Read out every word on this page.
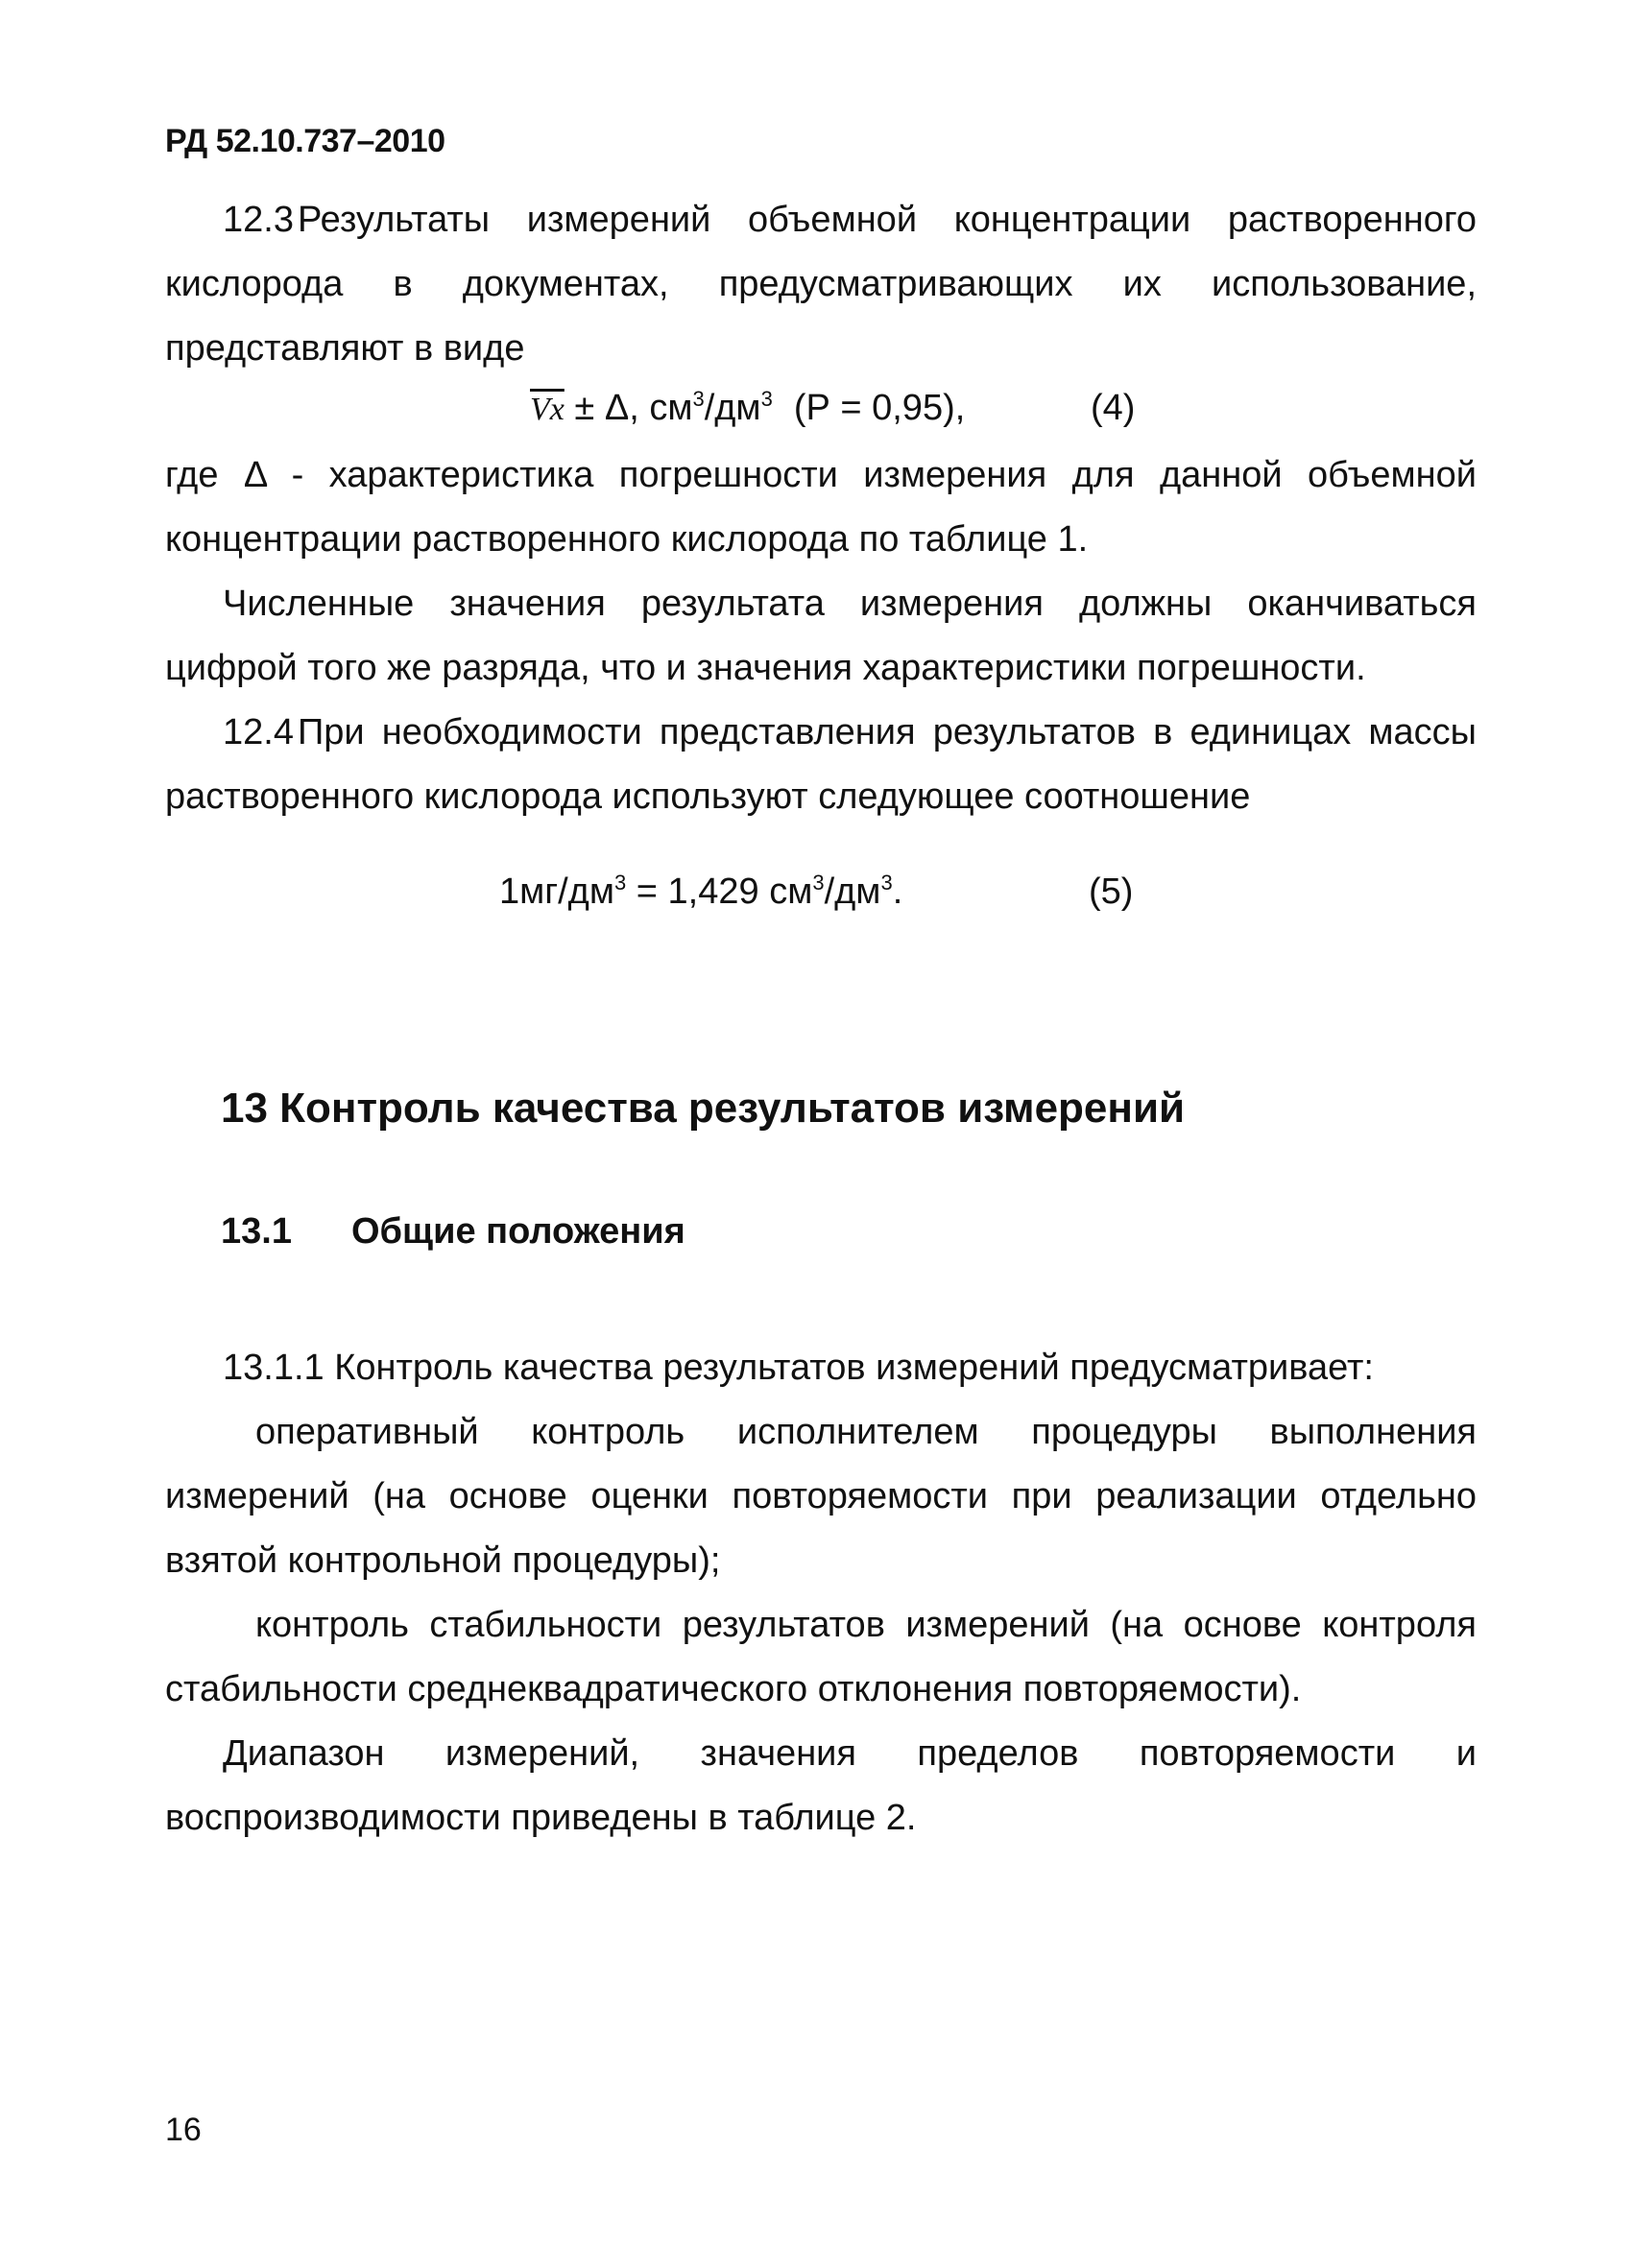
РД 52.10.737–2010
12.3 Результаты измерений объемной концентрации растворенного кислорода в документах, предусматривающих их использование, представляют в виде
$\overline{Vx} \pm \Delta$, $см^3/дм^3$ (Р = 0,95),	(4)
где Δ - характеристика погрешности измерения для данной объемной концентрации растворенного кислорода по таблице 1.
Численные значения результата измерения должны оканчиваться цифрой того же разряда, что и значения характеристики погрешности.
12.4 При необходимости представления результатов в единицах массы растворенного кислорода используют следующее соотношение
$1мг/дм^3 = 1,429$ $см^3/дм^3$.	(5)
13 Контроль качества результатов измерений
13.1 Общие положения
13.1.1 Контроль качества результатов измерений предусматривает:
оперативный контроль исполнителем процедуры выполнения измерений (на основе оценки повторяемости при реализации отдельно взятой контрольной процедуры);
контроль стабильности результатов измерений (на основе контроля стабильности среднеквадратического отклонения повторяемости).
Диапазон измерений, значения пределов повторяемости и воспроизводимости приведены в таблице 2.
16
